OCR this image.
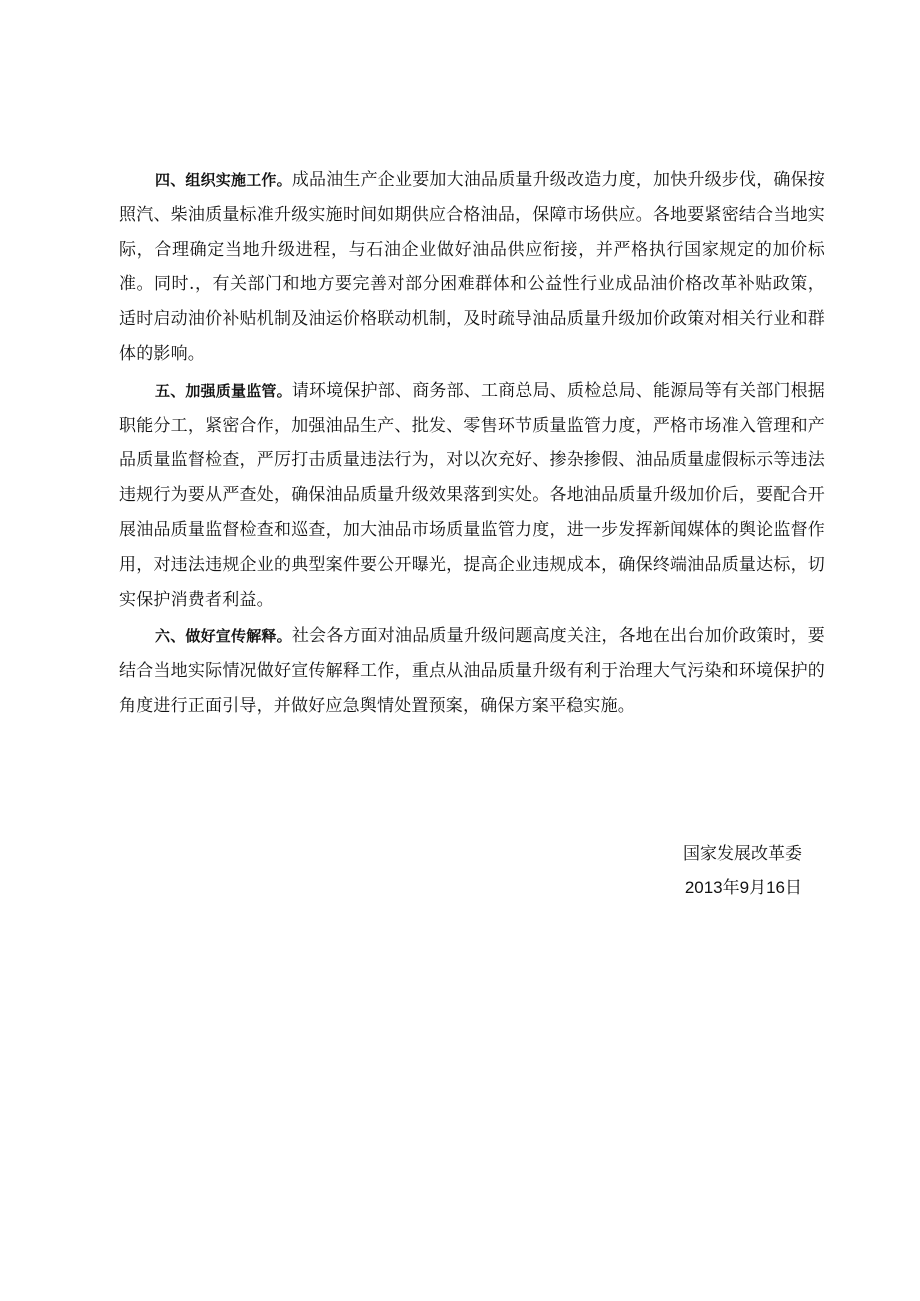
四、组织实施工作。成品油生产企业要加大油品质量升级改造力度，加快升级步伐，确保按照汽、柴油质量标准升级实施时间如期供应合格油品，保障市场供应。各地要紧密结合当地实际，合理确定当地升级进程，与石油企业做好油品供应衔接，并严格执行国家规定的加价标准。同时.，有关部门和地方要完善对部分困难群体和公益性行业成品油价格改革补贴政策，适时启动油价补贴机制及油运价格联动机制，及时疏导油品质量升级加价政策对相关行业和群体的影响。

五、加强质量监管。请环境保护部、商务部、工商总局、质检总局、能源局等有关部门根据职能分工，紧密合作，加强油品生产、批发、零售环节质量监管力度，严格市场准入管理和产品质量监督检查，严厉打击质量违法行为，对以次充好、掺杂掺假、油品质量虚假标示等违法违规行为要从严查处，确保油品质量升级效果落到实处。各地油品质量升级加价后，要配合开展油品质量监督检查和巡查，加大油品市场质量监管力度，进一步发挥新闻媒体的舆论监督作用，对违法违规企业的典型案件要公开曝光，提高企业违规成本，确保终端油品质量达标，切实保护消费者利益。

六、做好宣传解释。社会各方面对油品质量升级问题高度关注，各地在出台加价政策时，要结合当地实际情况做好宣传解释工作，重点从油品质量升级有利于治理大气污染和环境保护的角度进行正面引导，并做好应急舆情处置预案，确保方案平稳实施。

国家发展改革委
2013年9月16日
